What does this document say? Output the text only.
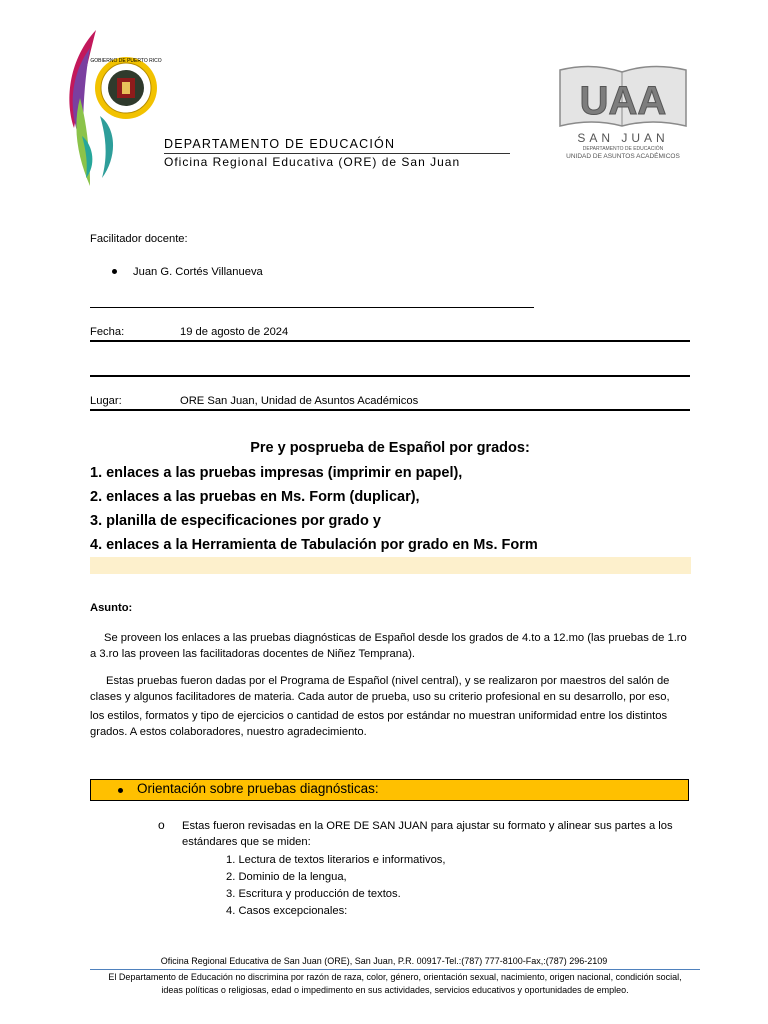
GOBIERNO DE PUERTO RICO
DEPARTAMENTO DE EDUCACIÓN
Oficina Regional Educativa (ORE) de San Juan
UAA
SAN JUAN
DEPARTAMENTO DE EDUCACIÓN
UNIDAD DE ASUNTOS ACADÉMICOS
Facilitador docente:
Juan G. Cortés Villanueva
Fecha:	19 de agosto de 2024
Lugar:	ORE San Juan, Unidad de Asuntos Académicos
Pre y posprueba de Español por grados:
1. enlaces a las pruebas impresas (imprimir en papel),
2. enlaces a las pruebas en Ms. Form (duplicar),
3. planilla de especificaciones por grado y
4. enlaces a la Herramienta de Tabulación por grado en Ms. Form
Asunto:
Se proveen los enlaces a las pruebas diagnósticas de Español desde los grados de 4.to a 12.mo (las pruebas de 1.ro
a 3.ro las proveen las facilitadoras docentes de Niñez Temprana).
Estas pruebas fueron dadas por el Programa de Español (nivel central), y se realizaron por maestros del salón de
clases y algunos facilitadores de materia. Cada autor de prueba, uso su criterio profesional en su desarrollo, por eso,
los estilos, formatos y tipo de ejercicios o cantidad de estos por estándar no muestran uniformidad entre los distintos
grados. A estos colaboradores, nuestro agradecimiento.
Orientación sobre pruebas diagnósticas:
o Estas fueron revisadas en la ORE DE SAN JUAN para ajustar su formato y alinear sus partes a los
estándares que se miden:
1. Lectura de textos literarios e informativos,
2. Dominio de la lengua,
3. Escritura y producción de textos.
4. Casos excepcionales:
Oficina Regional Educativa de San Juan (ORE), San Juan, P.R. 00917-Tel.:(787) 777-8100-Fax,:(787) 296-2109
El Departamento de Educación no discrimina por razón de raza, color, género, orientación sexual, nacimiento, origen nacional, condición social,
ideas políticas o religiosas, edad o impedimento en sus actividades, servicios educativos y oportunidades de empleo.
